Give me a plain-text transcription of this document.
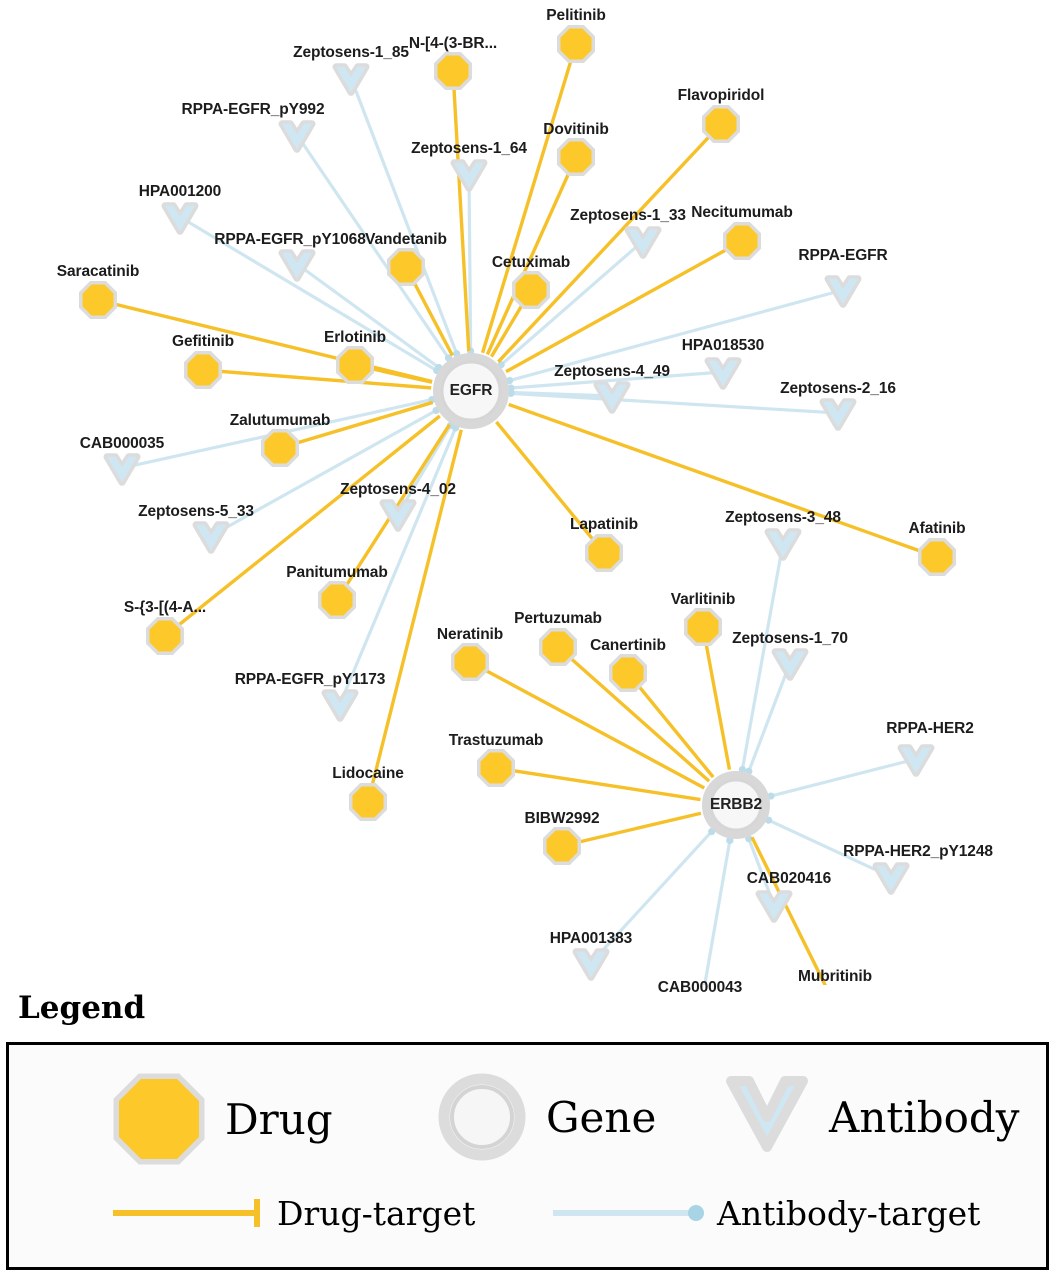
Zeptosens-1_85
RPPA-EGFR_pY992
Zeptosens-1_64
HPA001200
Zeptosens-1_33
RPPA-EGFR_pY1068
RPPA-EGFR
HPA018530
Zeptosens-4_49
Zeptosens-2_16
CAB000035
Zeptosens-4_02
Zeptosens-5_33	Zeptosens-3_48
Zeptosens-1_70
RPPA-EGFR_pY1173
RPPA-HER2
RPPA-HER2_pY1248
CAB020416
HPA001383
CAB000043
Pelitinib
N-[4-(3-BR...
Flavopiridol
Dovitinib
Necitumumab
Vandetanib
Cetuximab
Saracatinib
Erlotinib
Gefitinib
Zalutumumab
Lapatinib	Afatinib
Varlitinib
Panitumumab
S-{3-[(4-A...
Pertuzumab
Canertinib
Neratinib
Trastuzumab
Lidocaine
BIBW2992
Mubritinib
EGFR
ERBB2
Legend
Drug	Gene	Antibody
Drug-target	Antibody-target
